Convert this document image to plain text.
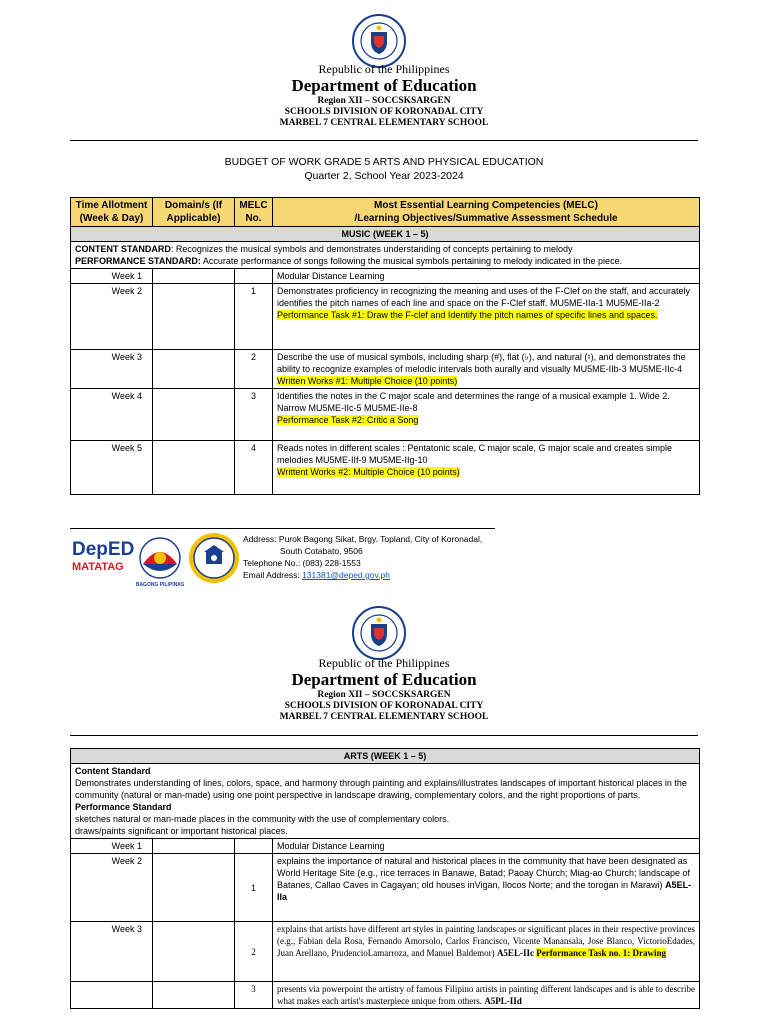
Republic of the Philippines
Department of Education
Region XII – SOCCSKSARGEN
SCHOOLS DIVISION OF KORONADAL CITY
MARBEL 7 CENTRAL ELEMENTARY SCHOOL
BUDGET OF WORK GRADE 5 ARTS AND PHYSICAL EDUCATION
Quarter 2, School Year 2023-2024
Time Allotment (Week & Day)	Domain/s (If Applicable)	MELC No.	Most Essential Learning Competencies (MELC)
/Learning Objectives/Summative Assessment Schedule

MUSIC (WEEK 1 – 5)			

CONTENT STANDARD: Recognizes the musical symbols and demonstrates understanding of concepts pertaining to melody
PERFORMANCE STANDARD: Accurate performance of songs following the musical symbols pertaining to melody indicated in the piece.			

Week 1			Modular Distance Learning
Week 2		1	Demonstrates proficiency in recognizing the meaning and uses of the F-Clef on the staff, and accurately identifies the pitch names of each line and space on the F-Clef staff. MU5ME-IIa-1 MU5ME-IIa-2
Performance Task #1: Draw the F-clef and Identify the pitch names of specific lines and spaces.
Week 3		2	Describe the use of musical symbols, including sharp (#), flat (♭), and natural (♮), and demonstrates the ability to recognize examples of melodic intervals both aurally and visually MU5ME-IIb-3 MU5ME-IIc-4
Written Works #1: Multiple Choice (10 points)
Week 4		3	Identifies the notes in the C major scale and determines the range of a musical example 1. Wide 2. Narrow MU5ME-IIc-5 MU5ME-IIe-8
Performance Task #2: Critic a Song
Week 5		4	Reads notes in different scales : Pentatonic scale, C major scale, G major scale and creates simple melodies MU5ME-IIf-9 MU5ME-IIg-10
Writtent Works #2: Multiple Choice (10 points)
DepED
MATATAG
BAGONG PILIPINAS
Address: Purok Bagong Sikat, Brgy. Topland, City of Koronadal,
South Cotabato, 9506
Telephone No.: (083) 228-1553
Email Address: 131381@deped.gov.ph
Republic of the Philippines
Department of Education
Region XII – SOCCSKSARGEN
SCHOOLS DIVISION OF KORONADAL CITY
MARBEL 7 CENTRAL ELEMENTARY SCHOOL
ARTS (WEEK 1 – 5)			

Content Standard
Demonstrates understanding of lines, colors, space, and harmony through painting and explains/illustrates landscapes of important historical places in the community (natural or man-made) using one point perspective in landscape drawing, complementary colors, and the right proportions of parts.
Performance Standard
sketches natural or man-made places in the community with the use of complementary colors.
draws/paints significant or important historical places.			

Week 1			Modular Distance Learning
Week 2		1	explains the importance of natural and historical places in the community that have been designated as World Heritage Site (e.g., rice terraces in Banawe, Batad; Paoay Church; Miag-ao Church; landscape of Batanes, Callao Caves in Cagayan; old houses inVigan, Ilocos Norte; and the torogan in Marawi) A5EL-IIa
Week 3		2	explains that artists have different art styles in painting landscapes or significant places in their respective provinces (e.g., Fabian dela Rosa, Fernando Amorsolo, Carlos Francisco, Vicente Manansala, Jose Blanco, VictorioEdades, Juan Arellano, PrudencioLamarroza, and Manuel Baldemor) A5EL-IIc Performance Task no. 1: Drawing
		3	presents via powerpoint the artistry of famous Filipino artists in painting different landscapes and is able to describe what makes each artist's masterpiece unique from others. A5PL-IId
